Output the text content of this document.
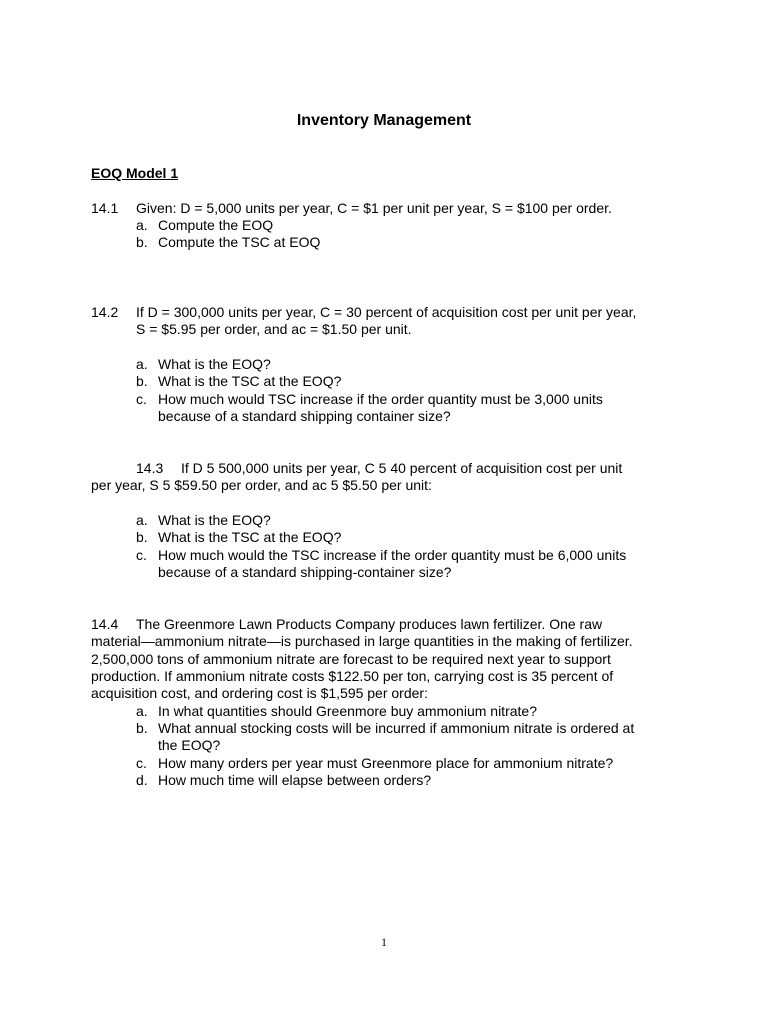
Inventory Management
EOQ Model 1
14.1 Given: D = 5,000 units per year, C = $1 per unit per year, S = $100 per order.
a. Compute the EOQ
b. Compute the TSC at EOQ
14.2 If D = 300,000 units per year, C = 30 percent of acquisition cost per unit per year,
S = $5.95 per order, and ac = $1.50 per unit.
a. What is the EOQ?
b. What is the TSC at the EOQ?
c. How much would TSC increase if the order quantity must be 3,000 units
because of a standard shipping container size?
14.3 If D 5 500,000 units per year, C 5 40 percent of acquisition cost per unit
per year, S 5 $59.50 per order, and ac 5 $5.50 per unit:
a. What is the EOQ?
b. What is the TSC at the EOQ?
c. How much would the TSC increase if the order quantity must be 6,000 units
because of a standard shipping-container size?
14.4 The Greenmore Lawn Products Company produces lawn fertilizer. One raw
material—ammonium nitrate—is purchased in large quantities in the making of fertilizer.
2,500,000 tons of ammonium nitrate are forecast to be required next year to support
production. If ammonium nitrate costs $122.50 per ton, carrying cost is 35 percent of
acquisition cost, and ordering cost is $1,595 per order:
a. In what quantities should Greenmore buy ammonium nitrate?
b. What annual stocking costs will be incurred if ammonium nitrate is ordered at
the EOQ?
c. How many orders per year must Greenmore place for ammonium nitrate?
d. How much time will elapse between orders?
1
